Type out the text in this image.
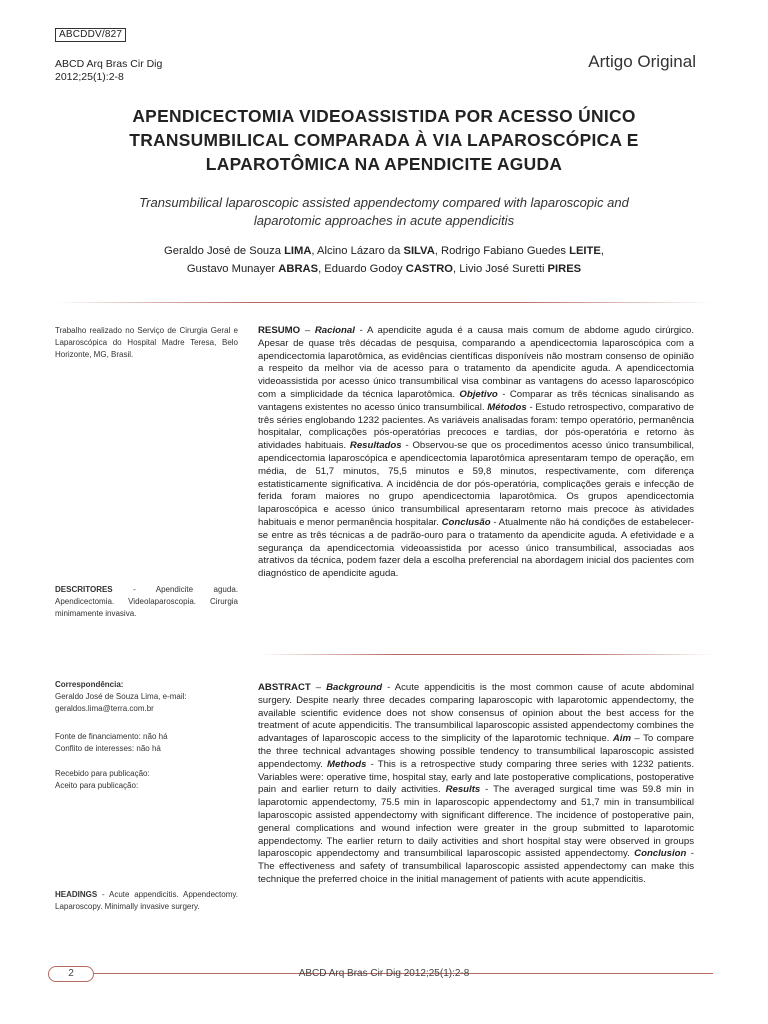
ABCDDV/827
ABCD Arq Bras Cir Dig
2012;25(1):2-8
Artigo Original
APENDICECTOMIA VIDEOASSISTIDA POR ACESSO ÚNICO
TRANSUMBILICAL COMPARADA À VIA LAPAROSCÓPICA E
LAPAROTÔMICA NA APENDICITE AGUDA
Transumbilical laparoscopic assisted appendectomy compared with laparoscopic and
laparotomic approaches in acute appendicitis
Geraldo José de Souza LIMA, Alcino Lázaro da SILVA, Rodrigo Fabiano Guedes LEITE,
Gustavo Munayer ABRAS, Eduardo Godoy CASTRO, Livio José Suretti PIRES
Trabalho realizado no Serviço de Cirurgia Geral e Laparoscópica do Hospital Madre Teresa, Belo Horizonte, MG, Brasil.
DESCRITORES - Apendicite aguda. Apendicectomia. Videolaparoscopia. Cirurgia minimamente invasiva.
Correspondência:
Geraldo José de Souza Lima, e-mail: geraldos.lima@terra.com.br
Fonte de financiamento: não há
Conflito de interesses: não há
Recebido para publicação:
Aceito para publicação:
HEADINGS - Acute appendicitis. Appendectomy. Laparoscopy. Minimally invasive surgery.

RESUMO – Racional - A apendicite aguda é a causa mais comum de abdome agudo cirúrgico. Apesar de quase três décadas de pesquisa, comparando a apendicectomia laparoscópica com a apendicectomia laparotômica, as evidências científicas disponíveis não mostram consenso de opinião a respeito da melhor via de acesso para o tratamento da apendicite aguda. A apendicectomia videoassistida por acesso único transumbilical visa combinar as vantagens do acesso laparoscópico com a simplicidade da técnica laparotômica. Objetivo - Comparar as três técnicas sinalisando as vantagens existentes no acesso único transumbilical. Métodos - Estudo retrospectivo, comparativo de três séries englobando 1232 pacientes. As variáveis analisadas foram: tempo operatório, permanência hospitalar, complicações pós-operatórias precoces e tardias, dor pós-operatória e retorno às atividades habituais. Resultados - Observou-se que os procedimentos acesso único transumbilical, apendicectomia laparoscópica e apendicectomia laparotômica apresentaram tempo de operação, em média, de 51,7 minutos, 75,5 minutos e 59,8 minutos, respectivamente, com diferença estatisticamente significativa. A incidência de dor pós-operatória, complicações gerais e infecção de ferida foram maiores no grupo apendicectomia laparotômica. Os grupos apendicectomia laparoscópica e acesso único transumbilical apresentaram retorno mais precoce às atividades habituais e menor permanência hospitalar. Conclusão - Atualmente não há condições de estabelecer-se entre as três técnicas a de padrão-ouro para o tratamento da apendicite aguda. A efetividade e a segurança da apendicectomia videoassistida por acesso único transumbilical, associadas aos atrativos da técnica, podem fazer dela a escolha preferencial na abordagem inicial dos pacientes com diagnóstico de apendicite aguda.

ABSTRACT – Background - Acute appendicitis is the most common cause of acute abdominal surgery. Despite nearly three decades comparing laparoscopic with laparotomic appendectomy, the available scientific evidence does not show consensus of opinion about the best access for the treatment of acute appendicitis. The transumbilical laparoscopic assisted appendectomy combines the advantages of laparoscopic access to the simplicity of the laparotomic technique. Aim – To compare the three technical advantages showing possible tendency to transumbilical laparoscopic assisted appendectomy. Methods - This is a retrospective study comparing three series with 1232 patients. Variables were: operative time, hospital stay, early and late postoperative complications, postoperative pain and earlier return to daily activities. Results - The averaged surgical time was 59.8 min in laparotomic appendectomy, 75.5 min in laparoscopic appendectomy and 51,7 min in transumbilical laparoscopic assisted appendectomy with significant difference. The incidence of postoperative pain, general complications and wound infection were greater in the group submitted to laparotomic appendectomy. The earlier return to daily activities and short hospital stay were observed in groups laparoscopic appendectomy and transumbilical laparoscopic assisted appendectomy. Conclusion - The effectiveness and safety of transumbilical laparoscopic assisted appendectomy can make this technique the preferred choice in the initial management of patients with acute appendicitis.

2	ABCD Arq Bras Cir Dig 2012;25(1):2-8
